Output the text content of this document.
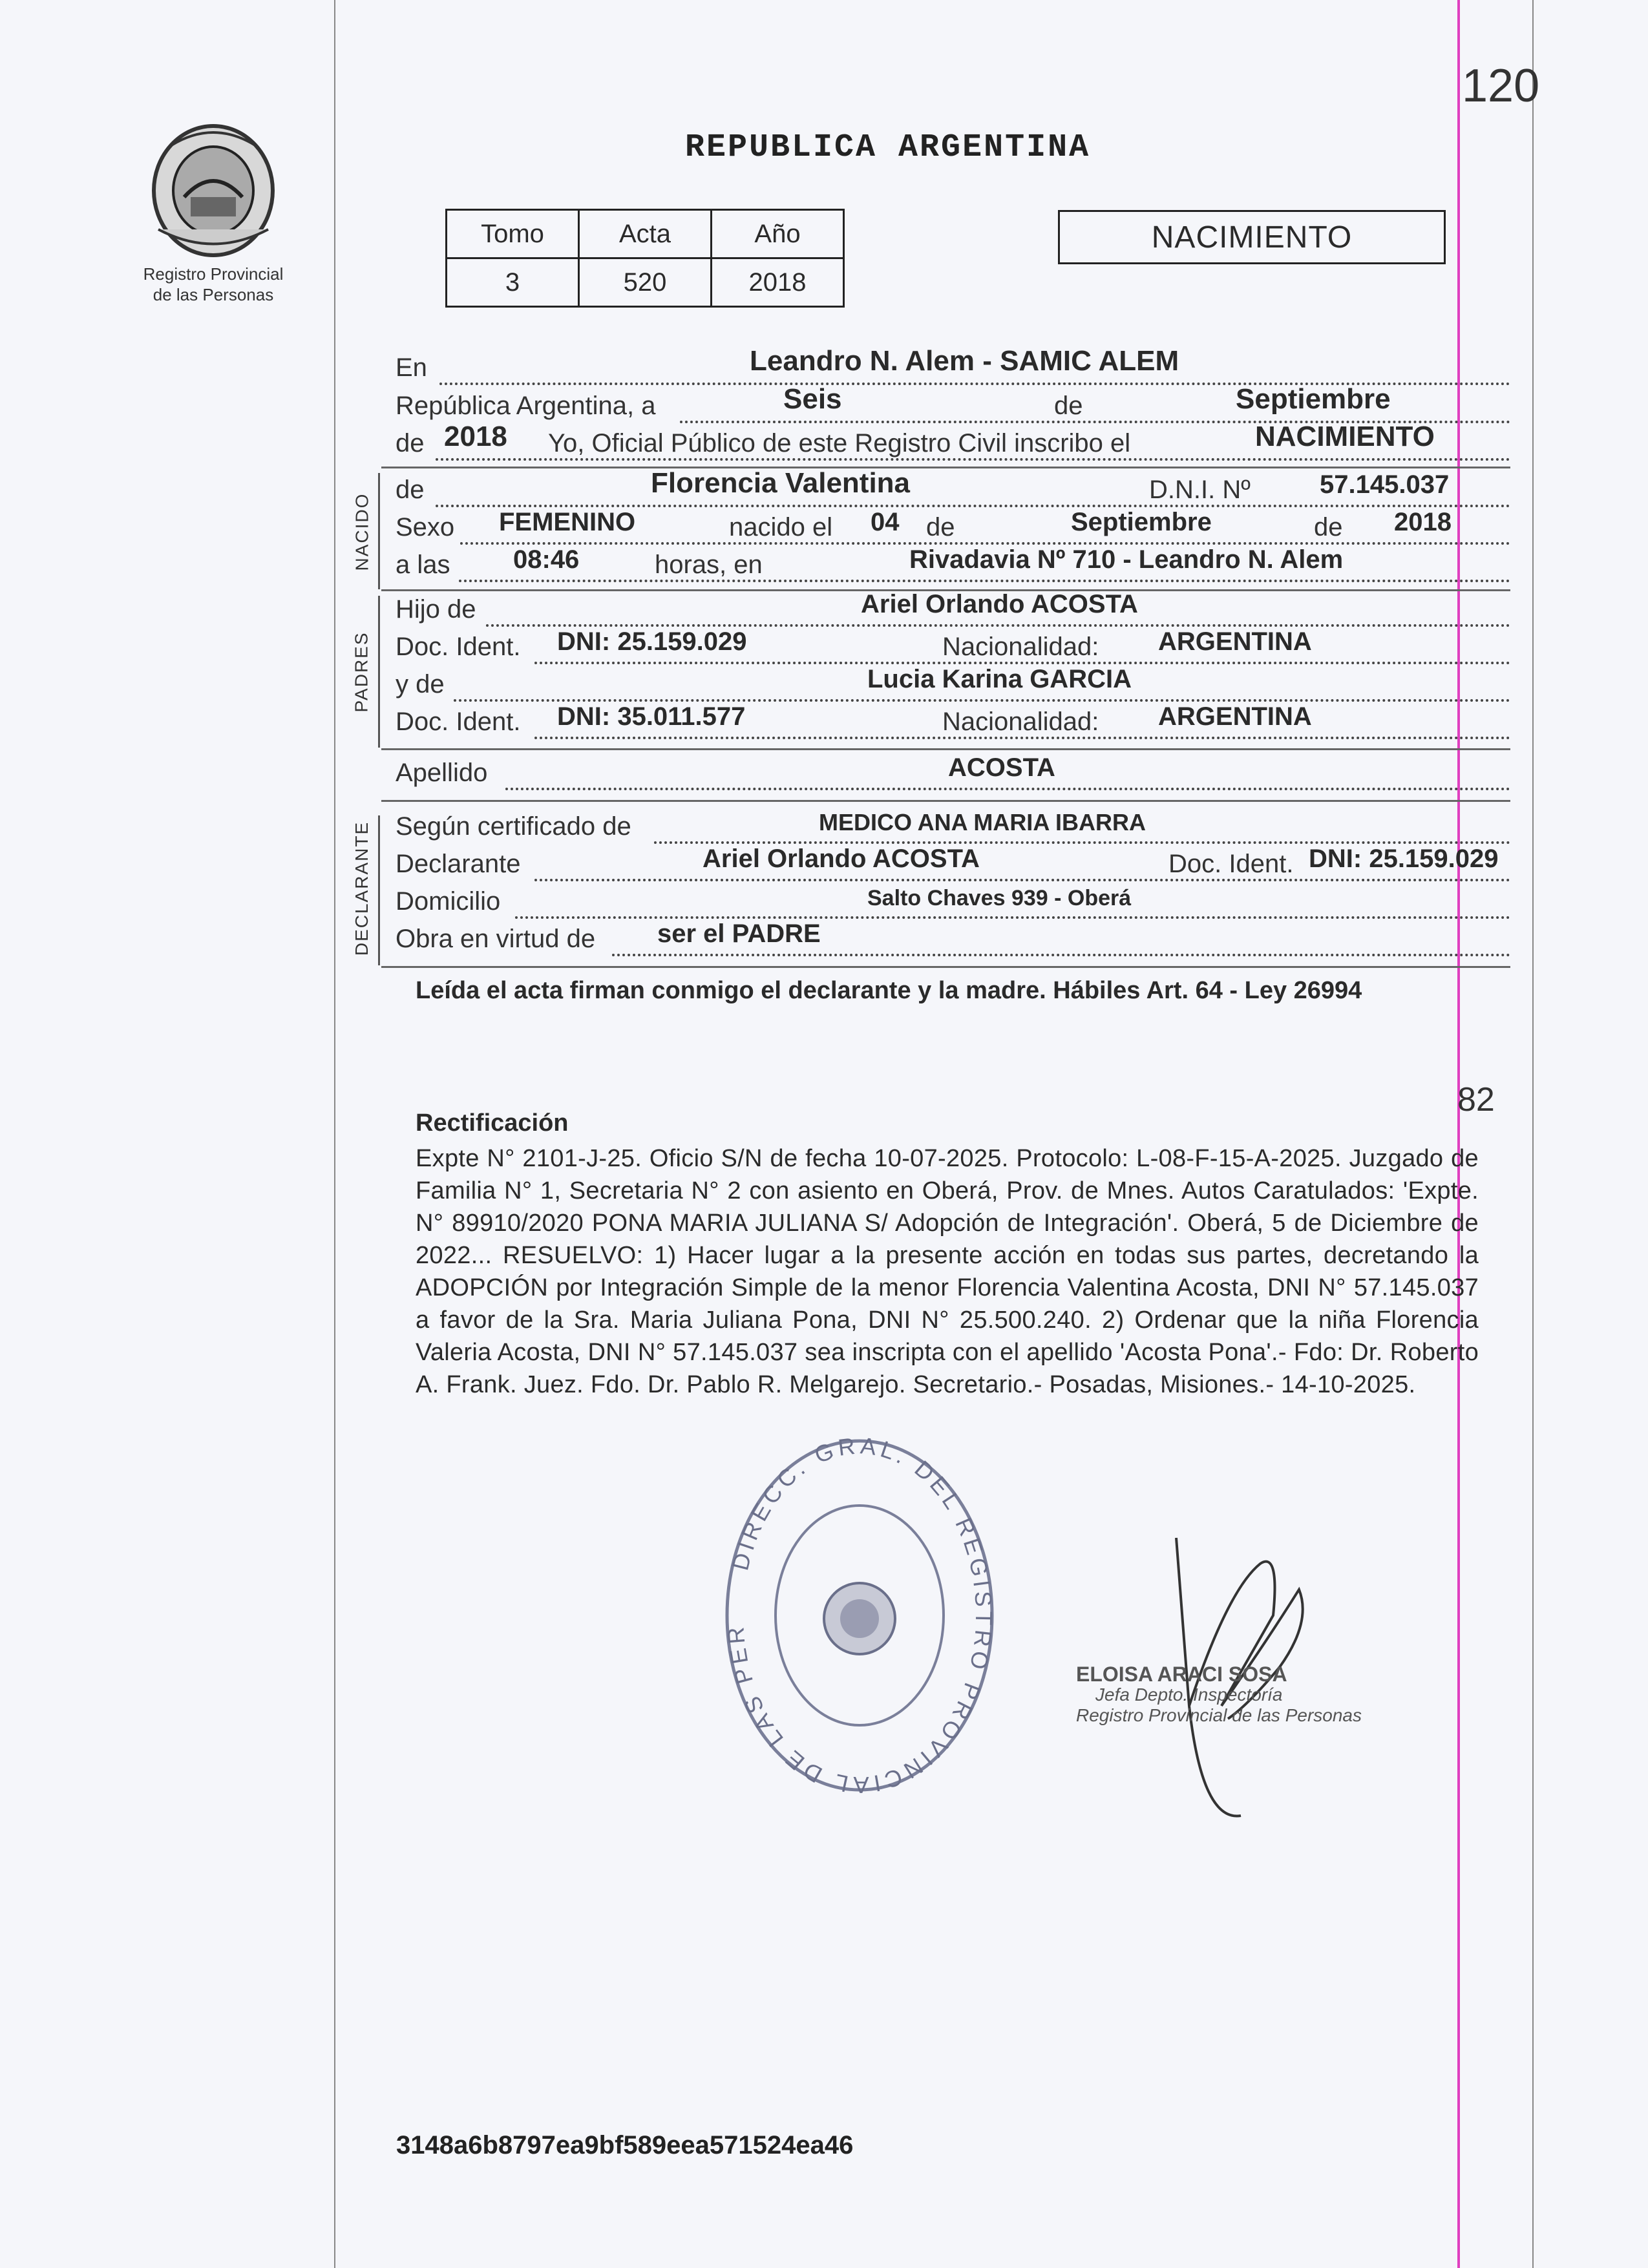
120
Registro Provincial
de las Personas
REPUBLICA ARGENTINA
Tomo	Acta	Año
3	520	2018
NACIMIENTO
En	Leandro N. Alem - SAMIC ALEM
República Argentina, a	Seis	de	Septiembre
de 2018 Yo, Oficial Público de este Registro Civil inscribo el	NACIMIENTO
NACIDO
de	Florencia Valentina	D.N.I. Nº	57.145.037
Sexo FEMENINO	nacido el 04 de	Septiembre	de 2018
a las 08:46	horas, en	Rivadavia Nº 710 - Leandro N. Alem
PADRES
Hijo de	Ariel Orlando ACOSTA
Doc. Ident. DNI: 25.159.029	Nacionalidad: ARGENTINA
y de	Lucia Karina GARCIA
Doc. Ident. DNI: 35.011.577	Nacionalidad: ARGENTINA
Apellido	ACOSTA
DECLARANTE Según certificado de	MEDICO ANA MARIA IBARRA
Declarante	Ariel Orlando ACOSTA	Doc. Ident. DNI: 25.159.029
Domicilio	Salto Chaves 939 - Oberá
Obra en virtud de ser el PADRE
Leída el acta firman conmigo el declarante y la madre. Hábiles Art. 64 - Ley 26994
82
Rectificación
Expte N° 2101-J-25. Oficio S/N de fecha 10-07-2025. Protocolo: L-08-F-15-A-2025. Juzgado de Familia N° 1, Secretaria N° 2 con asiento en Oberá, Prov. de Mnes. Autos Caratulados: 'Expte. N° 89910/2020 PONA MARIA JULIANA S/ Adopción de Integración'. Oberá, 5 de Diciembre de 2022... RESUELVO: 1) Hacer lugar a la presente acción en todas sus partes, decretando la ADOPCIÓN por Integración Simple de la menor Florencia Valentina Acosta, DNI N° 57.145.037 a favor de la Sra. Maria Juliana Pona, DNI N° 25.500.240. 2) Ordenar que la niña Florencia Valeria Acosta, DNI N° 57.145.037 sea inscripta con el apellido 'Acosta Pona'.- Fdo: Dr. Roberto A. Frank. Juez. Fdo. Dr. Pablo R. Melgarejo. Secretario.- Posadas, Misiones.- 14-10-2025.
DIRECC. GRAL. DEL REGISTRO PROVINCIAL DE LAS PER
ELOISA ARACI SOSA
Jefa Depto. Inspectoría
Registro Provincial de las Personas
3148a6b8797ea9bf589eea571524ea46
